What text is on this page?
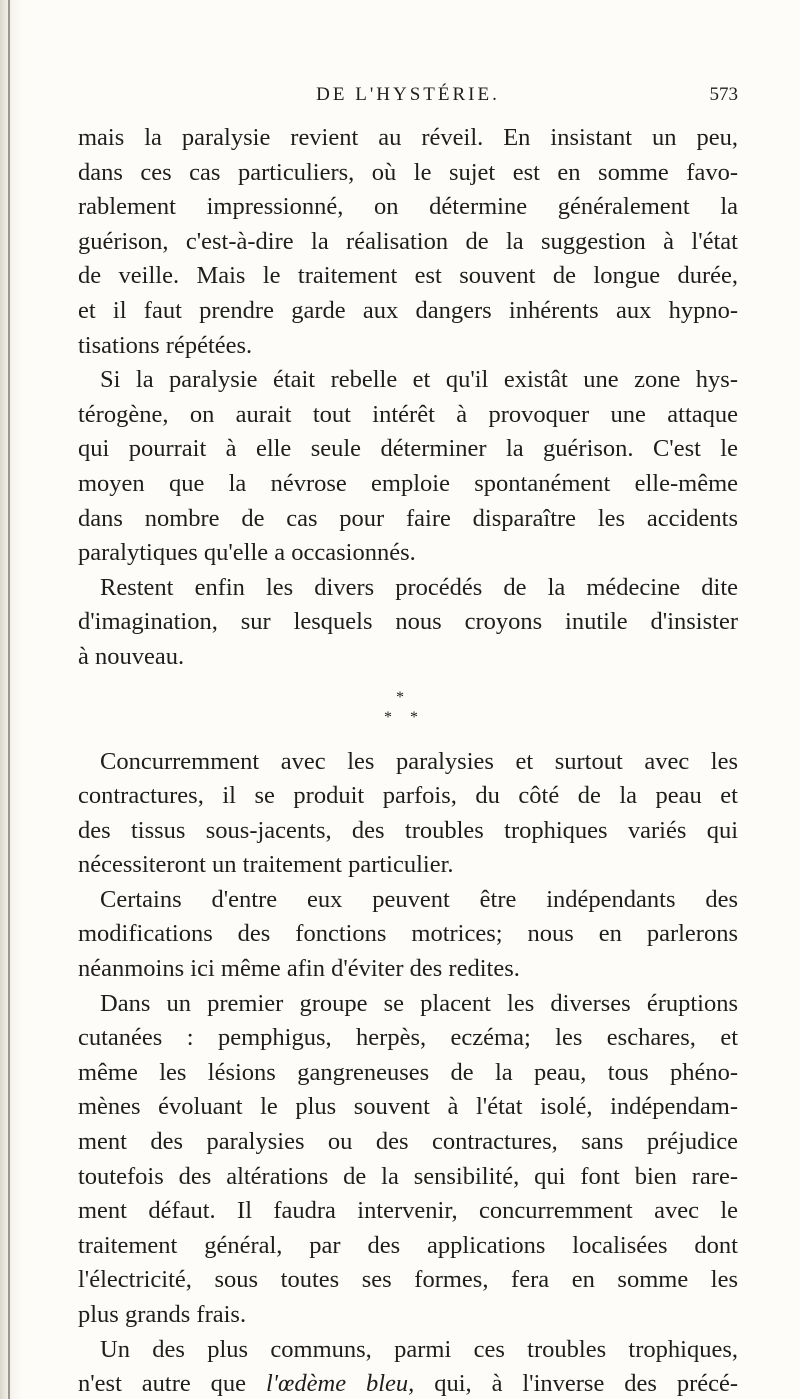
DE L'HYSTÉRIE.	573
mais la paralysie revient au réveil. En insistant un peu,
dans ces cas particuliers, où le sujet est en somme favo-
rablement impressionné, on détermine généralement la
guérison, c'est-à-dire la réalisation de la suggestion à l'état
de veille. Mais le traitement est souvent de longue durée,
et il faut prendre garde aux dangers inhérents aux hypno-
tisations répétées.
Si la paralysie était rebelle et qu'il existât une zone hys-
térogène, on aurait tout intérêt à provoquer une attaque
qui pourrait à elle seule déterminer la guérison. C'est le
moyen que la névrose emploie spontanément elle-même
dans nombre de cas pour faire disparaître les accidents
paralytiques qu'elle a occasionnés.
Restent enfin les divers procédés de la médecine dite
d'imagination, sur lesquels nous croyons inutile d'insister
à nouveau.
*
* *
Concurremment avec les paralysies et surtout avec les
contractures, il se produit parfois, du côté de la peau et
des tissus sous-jacents, des troubles trophiques variés qui
nécessiteront un traitement particulier.
Certains d'entre eux peuvent être indépendants des
modifications des fonctions motrices; nous en parlerons
néanmoins ici même afin d'éviter des redites.
Dans un premier groupe se placent les diverses éruptions
cutanées : pemphigus, herpès, eczéma; les eschares, et
même les lésions gangreneuses de la peau, tous phéno-
mènes évoluant le plus souvent à l'état isolé, indépendam-
ment des paralysies ou des contractures, sans préjudice
toutefois des altérations de la sensibilité, qui font bien rare-
ment défaut. Il faudra intervenir, concurremment avec le
traitement général, par des applications localisées dont
l'électricité, sous toutes ses formes, fera en somme les
plus grands frais.
Un des plus communs, parmi ces troubles trophiques,
n'est autre que l'œdème bleu, qui, à l'inverse des précé-
